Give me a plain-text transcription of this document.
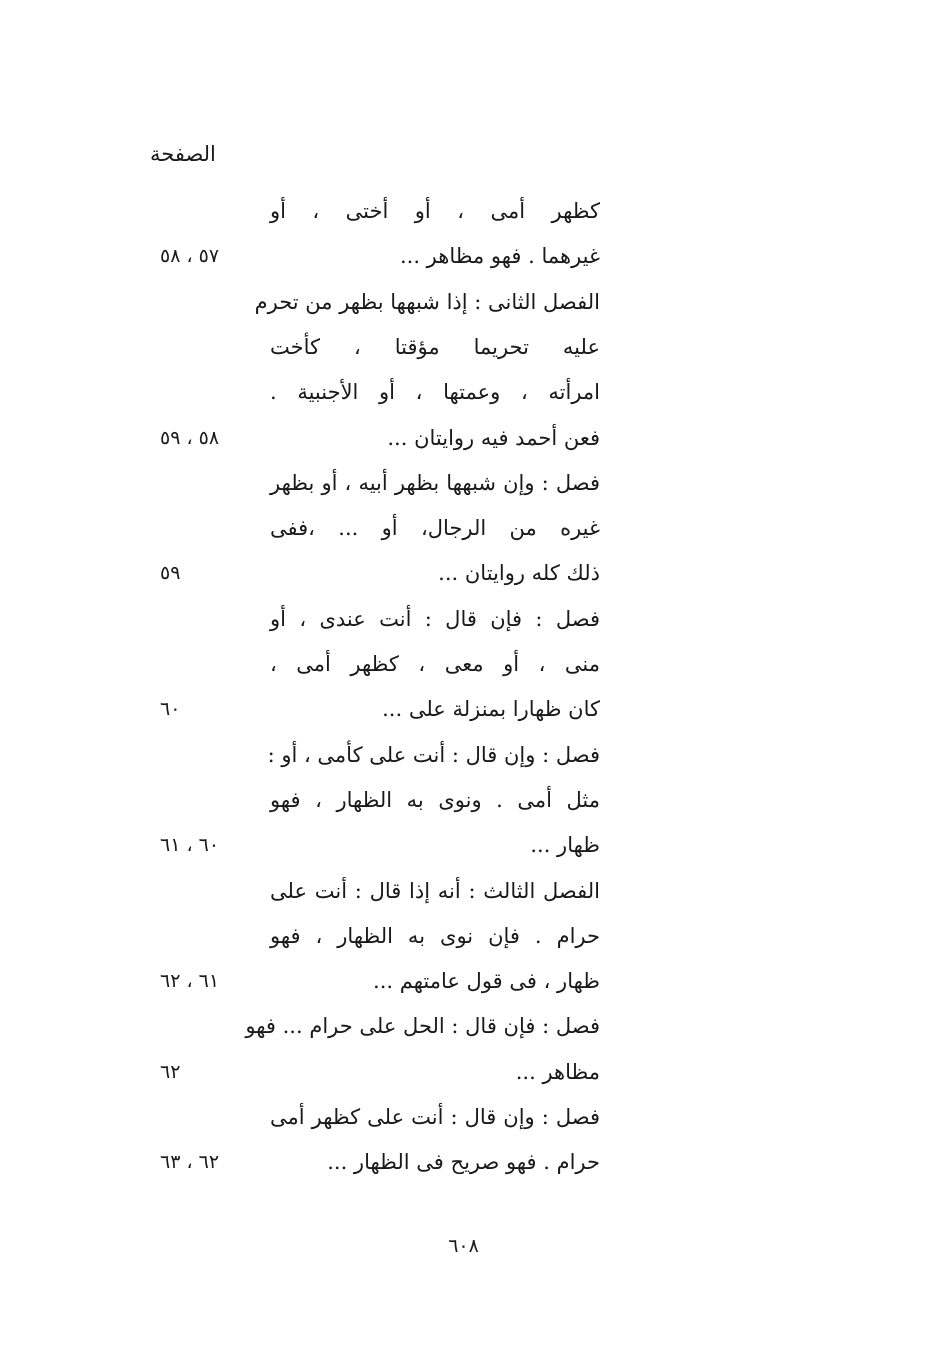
الصفحة
كظهر أمى ، أو أختى ، أو
غيرهما . فهو مظاهر ...
٥٧ ، ٥٨
الفصل الثانى : إذا شبهها بظهر من تحرم
عليه تحريما مؤقتا ، كأخت
امرأته ، وعمتها ، أو الأجنبية .
فعن أحمد فيه روايتان ...
٥٨ ، ٥٩
فصل : وإن شبهها بظهر أبيه ، أو بظهر
غيره من الرجال، أو ... ،ففى
ذلك كله روايتان ...
٥٩
فصل : فإن قال : أنت عندى ، أو
منى ، أو معى ، كظهر أمى ،
كان ظهارا بمنزلة على ...
٦٠
فصل : وإن قال : أنت على كأمى ، أو :
مثل أمى . ونوى به الظهار ، فهو
ظهار ...
٦٠ ، ٦١
الفصل الثالث : أنه إذا قال : أنت على
حرام . فإن نوى به الظهار ، فهو
ظهار ، فى قول عامتهم ...
٦١ ، ٦٢
فصل : فإن قال : الحل على حرام ... فهو
مظاهر ...
٦٢
فصل : وإن قال : أنت على كظهر أمى
حرام . فهو صريح فى الظهار ...
٦٢ ، ٦٣
٦٠٨
